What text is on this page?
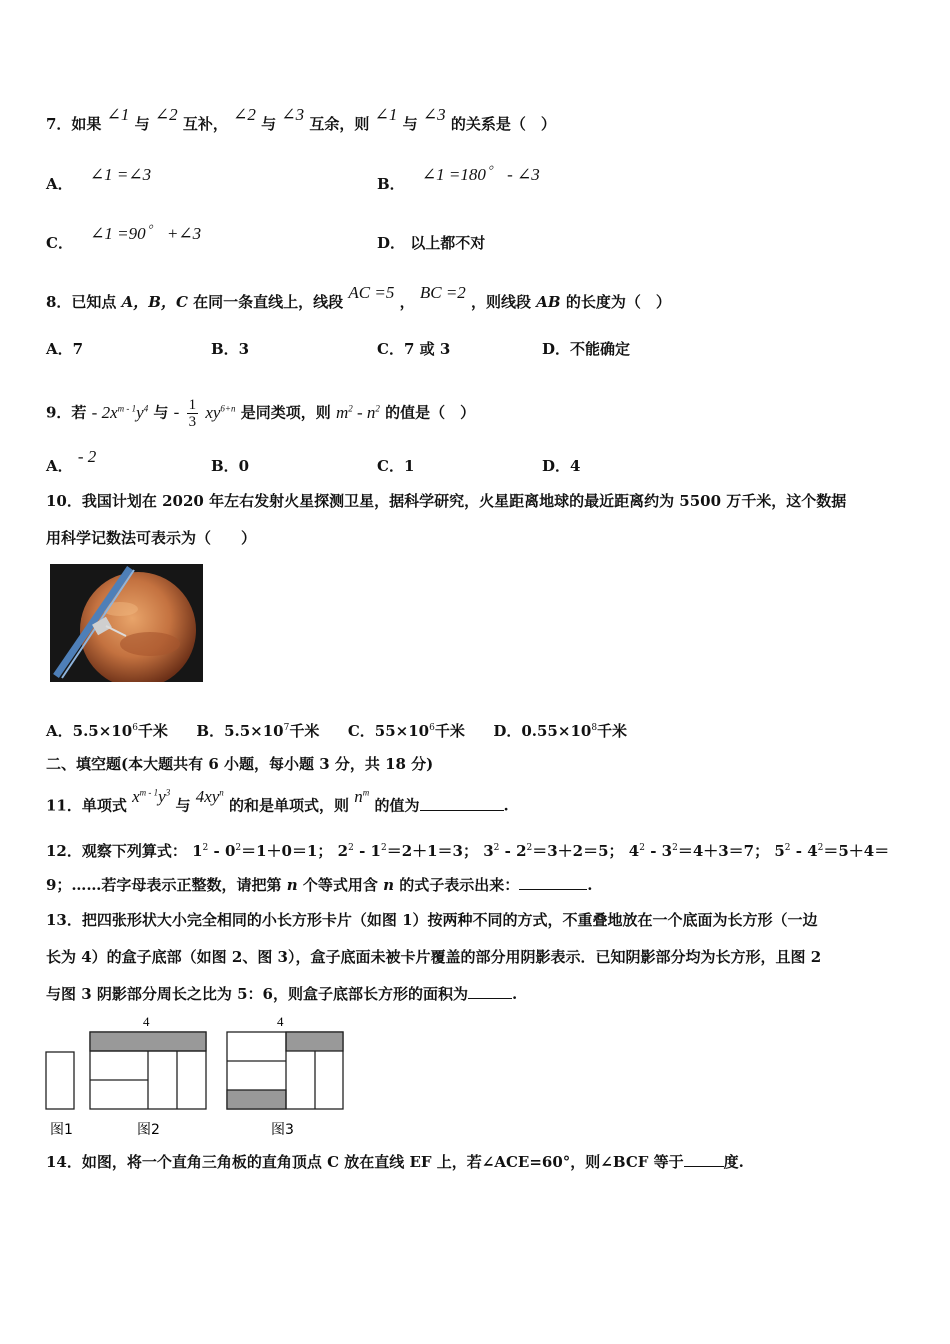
7．如果 ∠1 与 ∠2 互补， ∠2 与 ∠3 互余，则 ∠1 与 ∠3 的关系是（　）
A． ∠1 =∠3	B． ∠1 =180゜ - ∠3
C． ∠1 =90゜ +∠3	D． 以上都不对
8．已知点 A，B，C 在同一条直线上，线段 AC =5 ， BC =2 ，则线段 AB 的长度为（　）
A．7	B．3	C．7 或 3	D．不能确定
9．若 - $2x^{m - 1}y^4$ 与 - $\frac{1}{3} xy^{6+n}$ 是同类项，则 $m^2 - n^2$ 的值是（　）
A． - 2	B．0	C．1	D．4
10．我国计划在 2020 年左右发射火星探测卫星，据科学研究，火星距离地球的最近距离约为 5500 万千米，这个数据
用科学记数法可表示为（　　）
A．$5.5\times 10^6$千米 B．$5.5\times 10^7$千米 C．$55\times 10^6$千米 D．$0.55\times 10^8$千米
二、填空题(本大题共有 6 小题，每小题 3 分，共 18 分)
11．单项式 $x^{m - 1}y^3$ 与 $4xy^n$ 的和是单项式，则 $n^m$ 的值为	.
12．观察下列算式： $1^2 - 0^2=1+0=1$； $2^2 - 1^2=2+1=3$； $3^2 - 2^2=3+2=5$； $4^2 - 3^2=4+3=7$； $5^2 - 4^2=5+4=$
9；……若字母表示正整数，请把第 n 个等式用含 n 的式子表示出来：	.
13．把四张形状大小完全相同的小长方形卡片（如图 1）按两种不同的方式，不重叠地放在一个底面为长方形（一边
长为 4）的盒子底部（如图 2、图 3），盒子底面未被卡片覆盖的部分用阴影表示．已知阴影部分均为长方形，且图 2
与图 3 阴影部分周长之比为 5：6，则盒子底部长方形的面积为	.
图1
4
图2
4
图3
14．如图，将一个直角三角板的直角顶点 C 放在直线 EF 上，若∠ACE=60°，则∠BCF 等于	度.
